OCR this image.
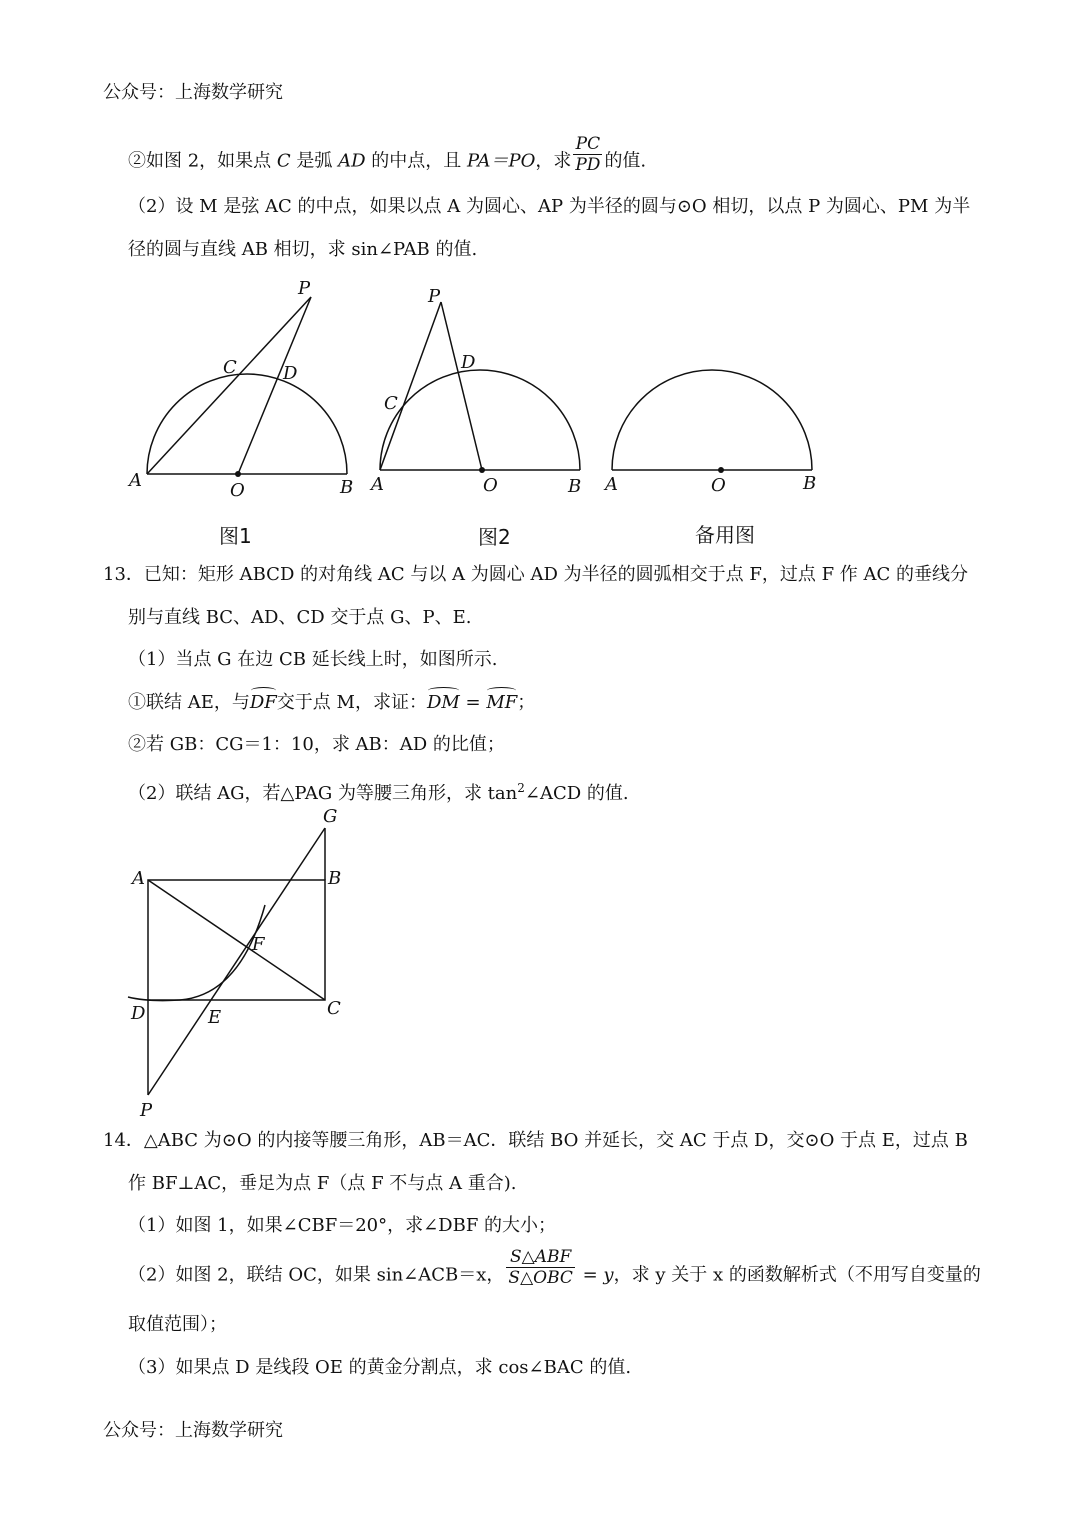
公众号：上海数学研究
②如图 2，如果点 C 是弧 AD 的中点，且 PA＝PO，求 $\frac{PC}{PD}$ 的值.
（2）设 M 是弦 AC 的中点，如果以点 A 为圆心、AP 为半径的圆与⊙O 相切，以点 P 为圆心、PM 为半
径的圆与直线 AB 相切，求 sin∠PAB 的值.
P
C	D
A	O	B
P
D
C
A	O	B A	O	B
图1	图2	备用图
13．已知：矩形 ABCD 的对角线 AC 与以 A 为圆心 AD 为半径的圆弧相交于点 F，过点 F 作 AC 的垂线分
别与直线 BC、AD、CD 交于点 G、P、E.
（1）当点 G 在边 CB 延长线上时，如图所示.
①联结 AE，与DF交于点 M，求证：DM = MF；
②若 GB：CG＝1：10，求 AB：AD 的比值；
（2）联结 AG，若△PAG 为等腰三角形，求 $\tan^2\angle ACD$ 的值.
G
A	B
F
D	E	C
P
14．△ABC 为⊙O 的内接等腰三角形，AB＝AC．联结 BO 并延长，交 AC 于点 D，交⊙O 于点 E，过点 B
作 BF⊥AC，垂足为点 F（点 F 不与点 A 重合).
（1）如图 1，如果∠CBF＝20°，求∠DBF 的大小；
（2）如图 2，联结 OC，如果 sin∠ACB＝x， $\frac{\text{S△ABF}}{\text{S△OBC}} = y$，求 y 关于 x 的函数解析式（不用写自变量的
取值范围）；
（3）如果点 D 是线段 OE 的黄金分割点，求 cos∠BAC 的值.
公众号：上海数学研究
